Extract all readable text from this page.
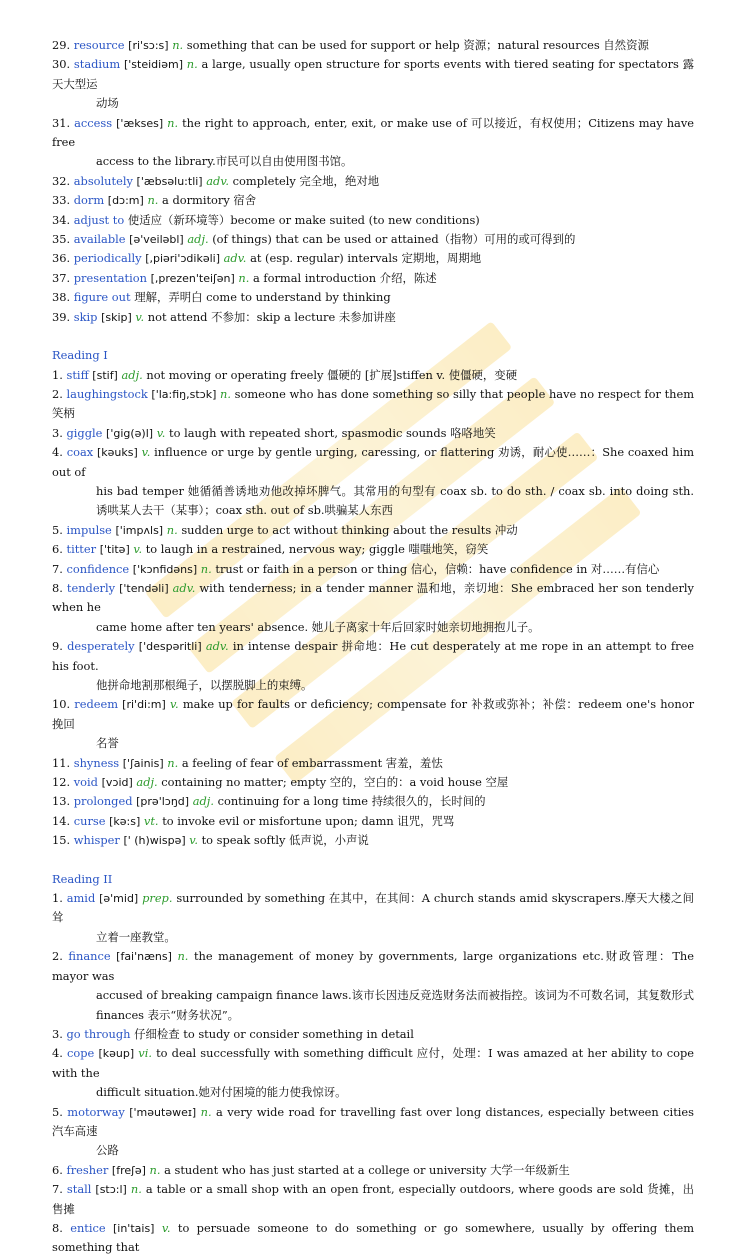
29. resource [ri'sɔ:s] n. something that can be used for support or help 资源；natural resources 自然资源

30. stadium ['steidiəm] n. a large, usually open structure for sports events with tiered seating for spectators 露天大型运

动场

31. access ['ækses] n. the right to approach, enter, exit, or make use of 可以接近，有权使用；Citizens may have free

access to the library.市民可以自由使用图书馆。

32. absolutely ['æbsəlu:tli] adv. completely 完全地，绝对地

33. dorm [dɔ:m] n. a dormitory 宿舍

34. adjust to 使适应（新环境等）become or make suited (to new conditions)

35. available [ə'veiləbl] adj. (of things) that can be used or attained（指物）可用的或可得到的

36. periodically [,piəri'ɔdikəli] adv. at (esp. regular) intervals 定期地，周期地

37. presentation [,prezen'teiʃən] n. a formal introduction 介绍，陈述

38. figure out 理解，弄明白 come to understand by thinking

39. skip [skip] v. not attend 不参加：skip a lecture 未参加讲座

Reading I

1. stiff [stif] adj. not moving or operating freely 僵硬的 [扩展]stiffen v. 使僵硬，变硬

2. laughingstock ['la:fiŋ,stɔk] n. someone who has done something so silly that people have no respect for them 笑柄

3. giggle ['gig(ə)l] v. to laugh with repeated short, spasmodic sounds 咯咯地笑

4. coax [kəuks] v. influence or urge by gentle urging, caressing, or flattering 劝诱，耐心使……：She coaxed him out of

his bad temper 她循循善诱地劝他改掉坏脾气。其常用的句型有 coax sb. to do sth. / coax sb. into doing sth. 诱哄某人去干（某事）；coax sth. out of sb.哄骗某人东西

5. impulse ['impʌls] n. sudden urge to act without thinking about the results 冲动

6. titter ['titə] v. to laugh in a restrained, nervous way; giggle 嗤嗤地笑，窃笑

7. confidence ['kɔnfidəns] n. trust or faith in a person or thing 信心，信赖：have confidence in 对……有信心

8. tenderly ['tendəli] adv. with tenderness; in a tender manner 温和地，亲切地：She embraced her son tenderly when he

came home after ten years' absence. 她儿子离家十年后回家时她亲切地拥抱儿子。

9. desperately ['despəritli] adv. in intense despair 拼命地：He cut desperately at me rope in an attempt to free his foot.

他拼命地割那根绳子，以摆脱脚上的束缚。

10. redeem [ri'di:m] v. make up for faults or deficiency; compensate for 补救或弥补；补偿：redeem one's honor 挽回

名誉

11. shyness ['ʃainis] n. a feeling of fear of embarrassment 害羞，羞怯

12. void [vɔid] adj. containing no matter; empty 空的，空白的：a void house 空屋

13. prolonged [prə'lɔŋd] adj. continuing for a long time 持续很久的，长时间的

14. curse [kə:s] vt. to invoke evil or misfortune upon; damn 诅咒，咒骂

15. whisper [' (h)wispə] v. to speak softly 低声说，小声说

Reading II

1. amid [ə'mid] prep. surrounded by something 在其中，在其间：A church stands amid skyscrapers.摩天大楼之间耸

立着一座教堂。

2. finance [fai'næns] n. the management of money by governments, large organizations etc.财政管理：The mayor was

accused of breaking campaign finance laws.该市长因违反竞选财务法而被指控。该词为不可数名词，其复数形式 finances 表示“财务状况”。

3. go through 仔细检查 to study or consider something in detail

4. cope [kəup] vi. to deal successfully with something difficult 应付，处理：I was amazed at her ability to cope with the

difficult situation.她对付困境的能力使我惊讶。

5. motorway ['məutəweɪ] n. a very wide road for travelling fast over long distances, especially between cities 汽车高速

公路

6. fresher [freʃə] n. a student who has just started at a college or university 大学一年级新生

7. stall [stɔ:l] n. a table or a small shop with an open front, especially outdoors, where goods are sold 货摊，出售摊

8. entice [in'tais] v. to persuade someone to do something or go somewhere, usually by offering them something that
